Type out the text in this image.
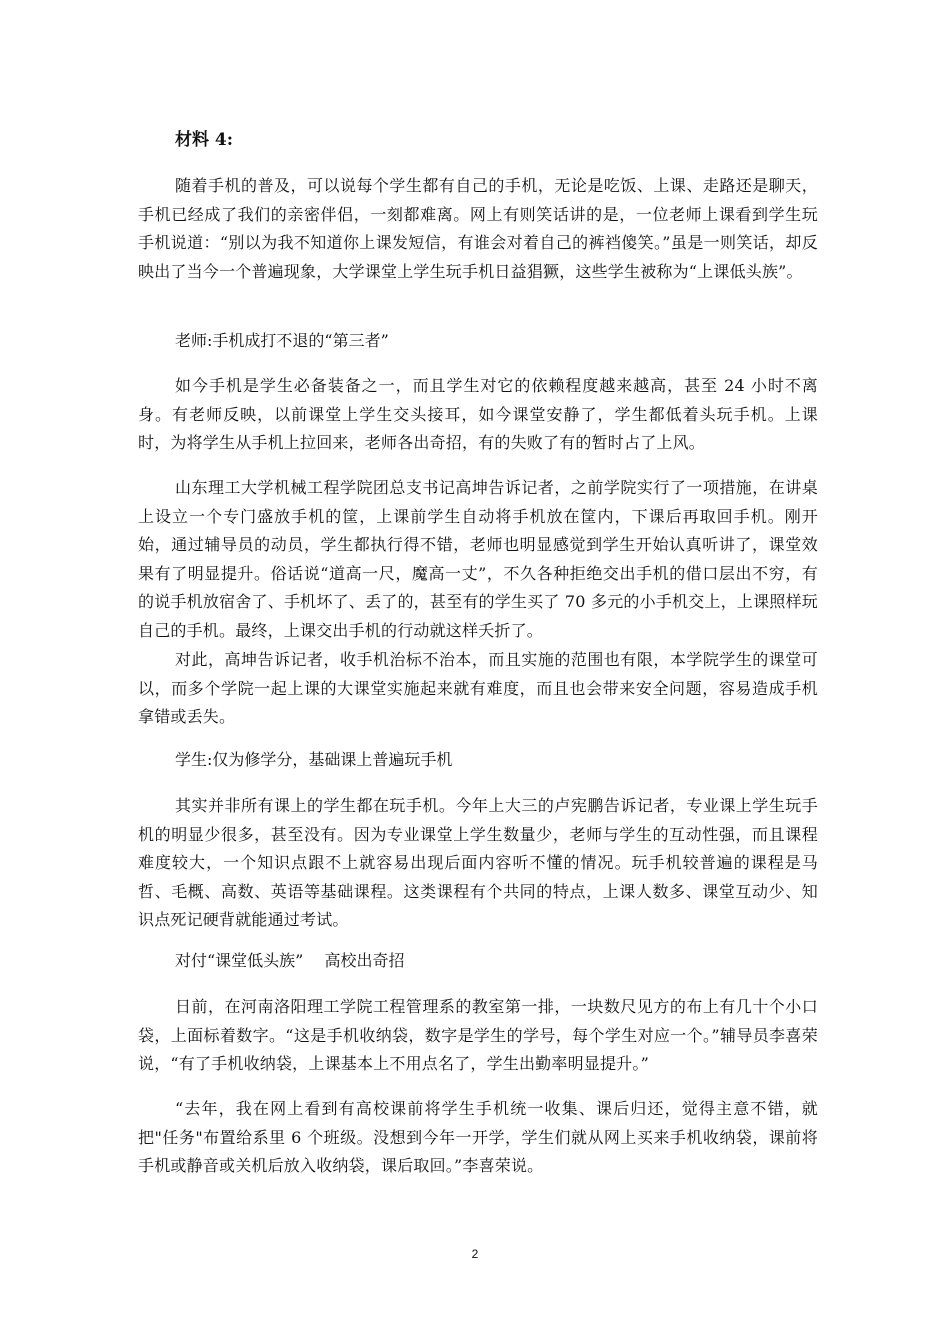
材料 4:

随着手机的普及，可以说每个学生都有自己的手机，无论是吃饭、上课、走路还是聊天，手机已经成了我们的亲密伴侣，一刻都难离。网上有则笑话讲的是，一位老师上课看到学生玩手机说道：“别以为我不知道你上课发短信，有谁会对着自己的裤裆傻笑。”虽是一则笑话，却反映出了当今一个普遍现象，大学课堂上学生玩手机日益猖獗，这些学生被称为“上课低头族”。

老师:手机成打不退的“第三者”

如今手机是学生必备装备之一，而且学生对它的依赖程度越来越高，甚至 24 小时不离身。有老师反映，以前课堂上学生交头接耳，如今课堂安静了，学生都低着头玩手机。上课时，为将学生从手机上拉回来，老师各出奇招，有的失败了有的暂时占了上风。

山东理工大学机械工程学院团总支书记高坤告诉记者，之前学院实行了一项措施，在讲桌上设立一个专门盛放手机的筐，上课前学生自动将手机放在筐内，下课后再取回手机。刚开始，通过辅导员的动员，学生都执行得不错，老师也明显感觉到学生开始认真听讲了，课堂效果有了明显提升。俗话说“道高一尺，魔高一丈”，不久各种拒绝交出手机的借口层出不穷，有的说手机放宿舍了、手机坏了、丢了的，甚至有的学生买了 70 多元的小手机交上，上课照样玩自己的手机。最终，上课交出手机的行动就这样夭折了。

对此，高坤告诉记者，收手机治标不治本，而且实施的范围也有限，本学院学生的课堂可以，而多个学院一起上课的大课堂实施起来就有难度，而且也会带来安全问题，容易造成手机拿错或丢失。

学生:仅为修学分，基础课上普遍玩手机

其实并非所有课上的学生都在玩手机。今年上大三的卢宪鹏告诉记者，专业课上学生玩手机的明显少很多，甚至没有。因为专业课堂上学生数量少，老师与学生的互动性强，而且课程难度较大，一个知识点跟不上就容易出现后面内容听不懂的情况。玩手机较普遍的课程是马哲、毛概、高数、英语等基础课程。这类课程有个共同的特点，上课人数多、课堂互动少、知识点死记硬背就能通过考试。

对付“课堂低头族”　 高校出奇招

日前，在河南洛阳理工学院工程管理系的教室第一排，一块数尺见方的布上有几十个小口袋，上面标着数字。“这是手机收纳袋，数字是学生的学号，每个学生对应一个。”辅导员李喜荣说，“有了手机收纳袋，上课基本上不用点名了，学生出勤率明显提升。”

“去年，我在网上看到有高校课前将学生手机统一收集、课后归还，觉得主意不错，就把"任务"布置给系里 6 个班级。没想到今年一开学，学生们就从网上买来手机收纳袋，课前将手机或静音或关机后放入收纳袋，课后取回。”李喜荣说。

2
